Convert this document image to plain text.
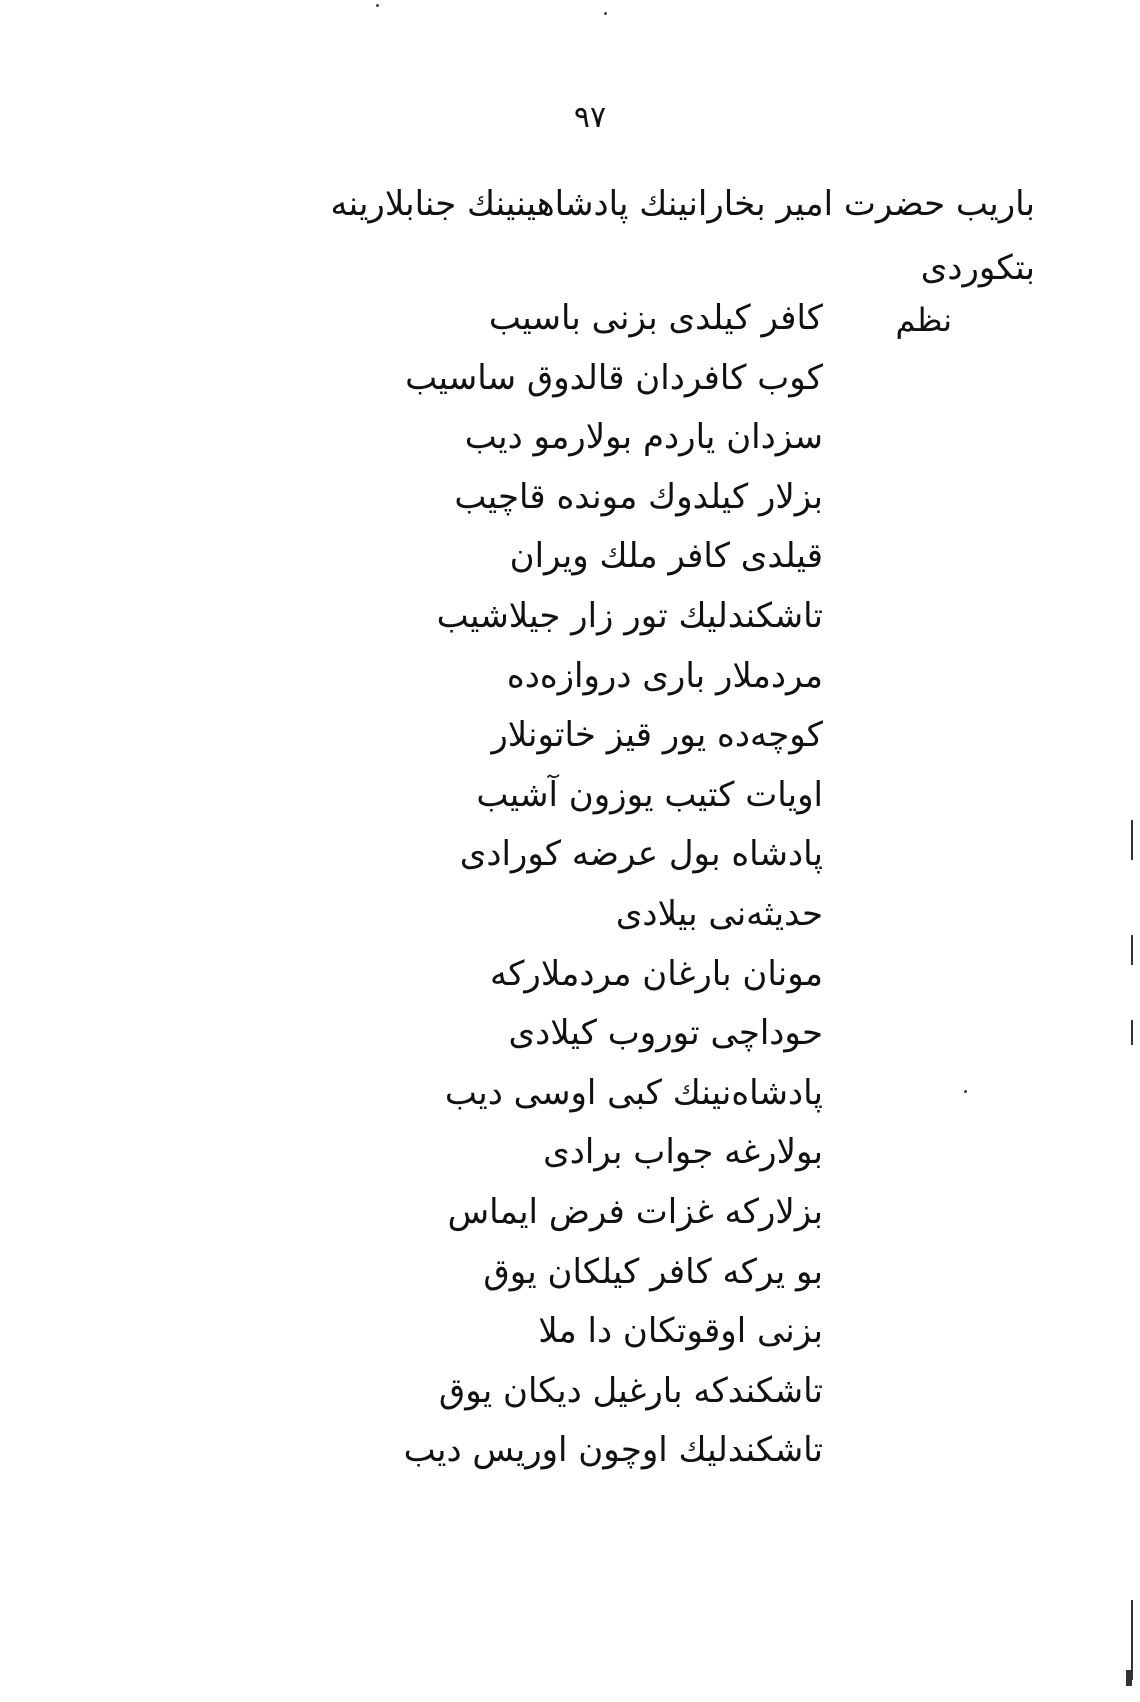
٩٧
باریب حضرت امیر بخارانینك پادشاهینینك جنابلارینه
بتکوردی
نظم
کافر کیلدی بزنی باسیب
کوب کافردان قالدوق ساسیب
سزدان یاردم بولارمو دیب
بزلار کیلدوك مونده قاچیب
قیلدی کافر ملك ویران
تاشکندلیك تور زار جیلاشیب
مردملار باری دروازه‌ده
کوچه‌ده یور قیز خاتونلار
اویات کتیب یوزون آشیب
پادشاه بول عرضه کورادی
حدیثه‌نی بیلادی
مونان بارغان مردملارکه
حوداچی توروب کیلادی
پادشاه‌نینك کبی اوسی دیب
بولارغه جواب برادی
بزلارکه غزات فرض ایماس
بو یرکه کافر کیلکان یوق
بزنی اوقوتکان دا ملا
تاشکندکه بارغیل دیکان یوق
تاشکندلیك اوچون اوریس دیب
